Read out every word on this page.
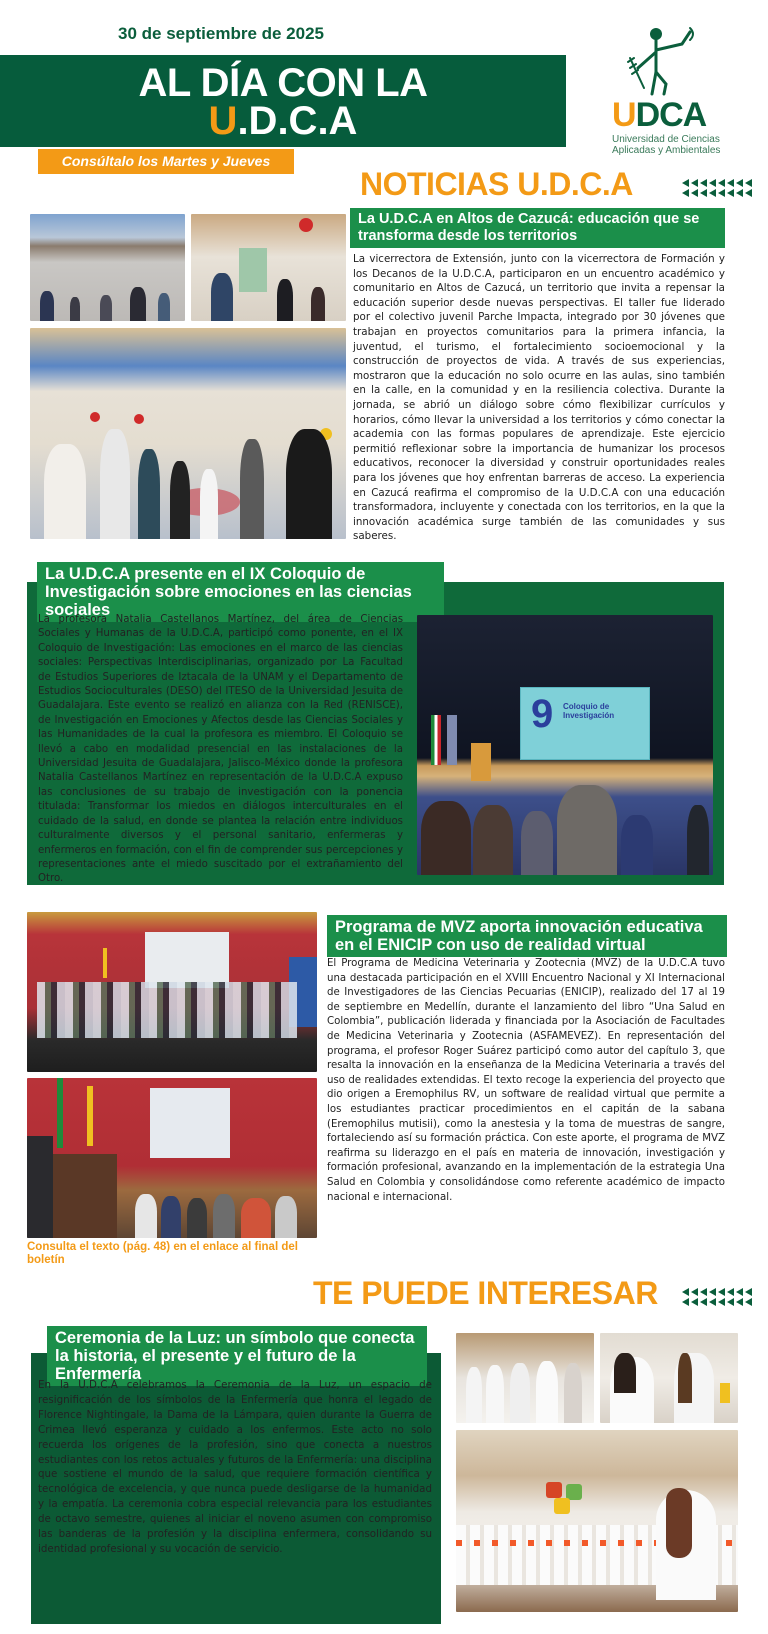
30 de septiembre de 2025
AL DÍA CON LA
U.D.C.A
Consúltalo los Martes y Jueves
UDCA
Universidad de Ciencias
Aplicadas y Ambientales
NOTICIAS U.D.C.A
La U.D.C.A en Altos de Cazucá: educación que se transforma desde los territorios
La vicerrectora de Extensión, junto con la vicerrectora de Formación y los Decanos de la U.D.C.A, participaron en un encuentro académico y comunitario en Altos de Cazucá, un territorio que invita a repensar la educación superior desde nuevas perspectivas. El taller fue liderado por el colectivo juvenil Parche Impacta, integrado por 30 jóvenes que trabajan en proyectos comunitarios para la primera infancia, la juventud, el turismo, el fortalecimiento socioemocional y la construcción de proyectos de vida. A través de sus experiencias, mostraron que la educación no solo ocurre en las aulas, sino también en la calle, en la comunidad y en la resiliencia colectiva. Durante la jornada, se abrió un diálogo sobre cómo flexibilizar currículos y horarios, cómo llevar la universidad a los territorios y cómo conectar la academia con las formas populares de aprendizaje. Este ejercicio permitió reflexionar sobre la importancia de humanizar los procesos educativos, reconocer la diversidad y construir oportunidades reales para los jóvenes que hoy enfrentan barreras de acceso. La experiencia en Cazucá reafirma el compromiso de la U.D.C.A con una educación transformadora, incluyente y conectada con los territorios, en la que la innovación académica surge también de las comunidades y sus saberes.
La U.D.C.A presente en el IX Coloquio de Investigación sobre emociones en las ciencias sociales
La profesora Natalia Castellanos Martínez, del área de Ciencias Sociales y Humanas de la U.D.C.A, participó como ponente, en el IX Coloquio de Investigación: Las emociones en el marco de las ciencias sociales: Perspectivas Interdisciplinarias, organizado por La Facultad de Estudios Superiores de Iztacala de la UNAM y el Departamento de Estudios Socioculturales (DESO) del ITESO de la Universidad Jesuita de Guadalajara. Este evento se realizó en alianza con la Red (RENISCE), de Investigación en Emociones y Afectos desde las Ciencias Sociales y las Humanidades de la cual la profesora es miembro. El Coloquio se llevó a cabo en modalidad presencial en las instalaciones de la Universidad Jesuita de Guadalajara, Jalisco-México donde la profesora Natalia Castellanos Martínez en representación de la U.D.C.A expuso las conclusiones de su trabajo de investigación con la ponencia titulada: Transformar los miedos en diálogos interculturales en el cuidado de la salud, en donde se plantea la relación entre individuos culturalmente diversos y el personal sanitario, enfermeras y enfermeros en formación, con el fin de comprender sus percepciones y representaciones ante el miedo suscitado por el extrañamiento del Otro.
9 Coloquio de
Investigación
Consulta el texto (pág. 48) en el enlace al final del boletín
Programa de MVZ aporta innovación educativa en el ENICIP con uso de realidad virtual
El Programa de Medicina Veterinaria y Zootecnia (MVZ) de la U.D.C.A tuvo una destacada participación en el XVIII Encuentro Nacional y XI Internacional de Investigadores de las Ciencias Pecuarias (ENICIP), realizado del 17 al 19 de septiembre en Medellín, durante el lanzamiento del libro “Una Salud en Colombia”, publicación liderada y financiada por la Asociación de Facultades de Medicina Veterinaria y Zootecnia (ASFAMEVEZ). En representación del programa, el profesor Roger Suárez participó como autor del capítulo 3, que resalta la innovación en la enseñanza de la Medicina Veterinaria a través del uso de realidades extendidas. El texto recoge la experiencia del proyecto que dio origen a Eremophilus RV, un software de realidad virtual que permite a los estudiantes practicar procedimientos en el capitán de la sabana (Eremophilus mutisii), como la anestesia y la toma de muestras de sangre, fortaleciendo así su formación práctica. Con este aporte, el programa de MVZ reafirma su liderazgo en el país en materia de innovación, investigación y formación profesional, avanzando en la implementación de la estrategia Una Salud en Colombia y consolidándose como referente académico de impacto nacional e internacional.
TE PUEDE INTERESAR
Ceremonia de la Luz: un símbolo que conecta la historia, el presente y el futuro de la Enfermería
En la U.D.C.A celebramos la Ceremonia de la Luz, un espacio de resignificación de los símbolos de la Enfermería que honra el legado de Florence Nightingale, la Dama de la Lámpara, quien durante la Guerra de Crimea llevó esperanza y cuidado a los enfermos. Este acto no solo recuerda los orígenes de la profesión, sino que conecta a nuestros estudiantes con los retos actuales y futuros de la Enfermería: una disciplina que sostiene el mundo de la salud, que requiere formación científica y tecnológica de excelencia, y que nunca puede desligarse de la humanidad y la empatía. La ceremonia cobra especial relevancia para los estudiantes de octavo semestre, quienes al iniciar el noveno asumen con compromiso las banderas de la profesión y la disciplina enfermera, consolidando su identidad profesional y su vocación de servicio.
